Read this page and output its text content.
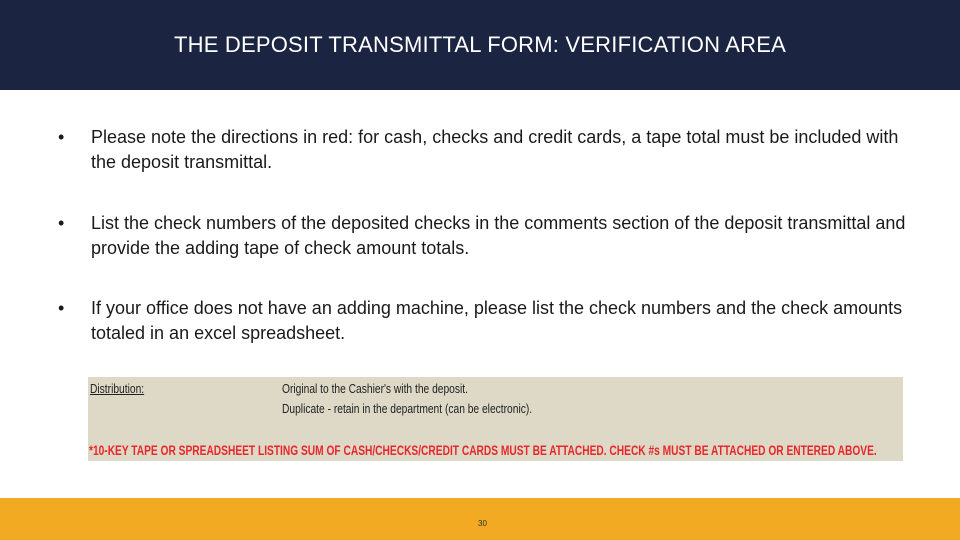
THE DEPOSIT TRANSMITTAL FORM: VERIFICATION AREA
•	Please note the directions in red: for cash, checks and credit cards, a tape total must be included with the deposit transmittal.
•	List the check numbers of the deposited checks in the comments section of the deposit transmittal and provide the adding tape of check amount totals.
•	If your office does not have an adding machine, please list the check numbers and the check amounts totaled in an excel spreadsheet.
Distribution:	Original to the Cashier's with the deposit.
Duplicate - retain in the department (can be electronic).
*10-KEY TAPE OR SPREADSHEET LISTING SUM OF CASH/CHECKS/CREDIT CARDS MUST BE ATTACHED. CHECK #s MUST BE ATTACHED OR ENTERED ABOVE.
30
